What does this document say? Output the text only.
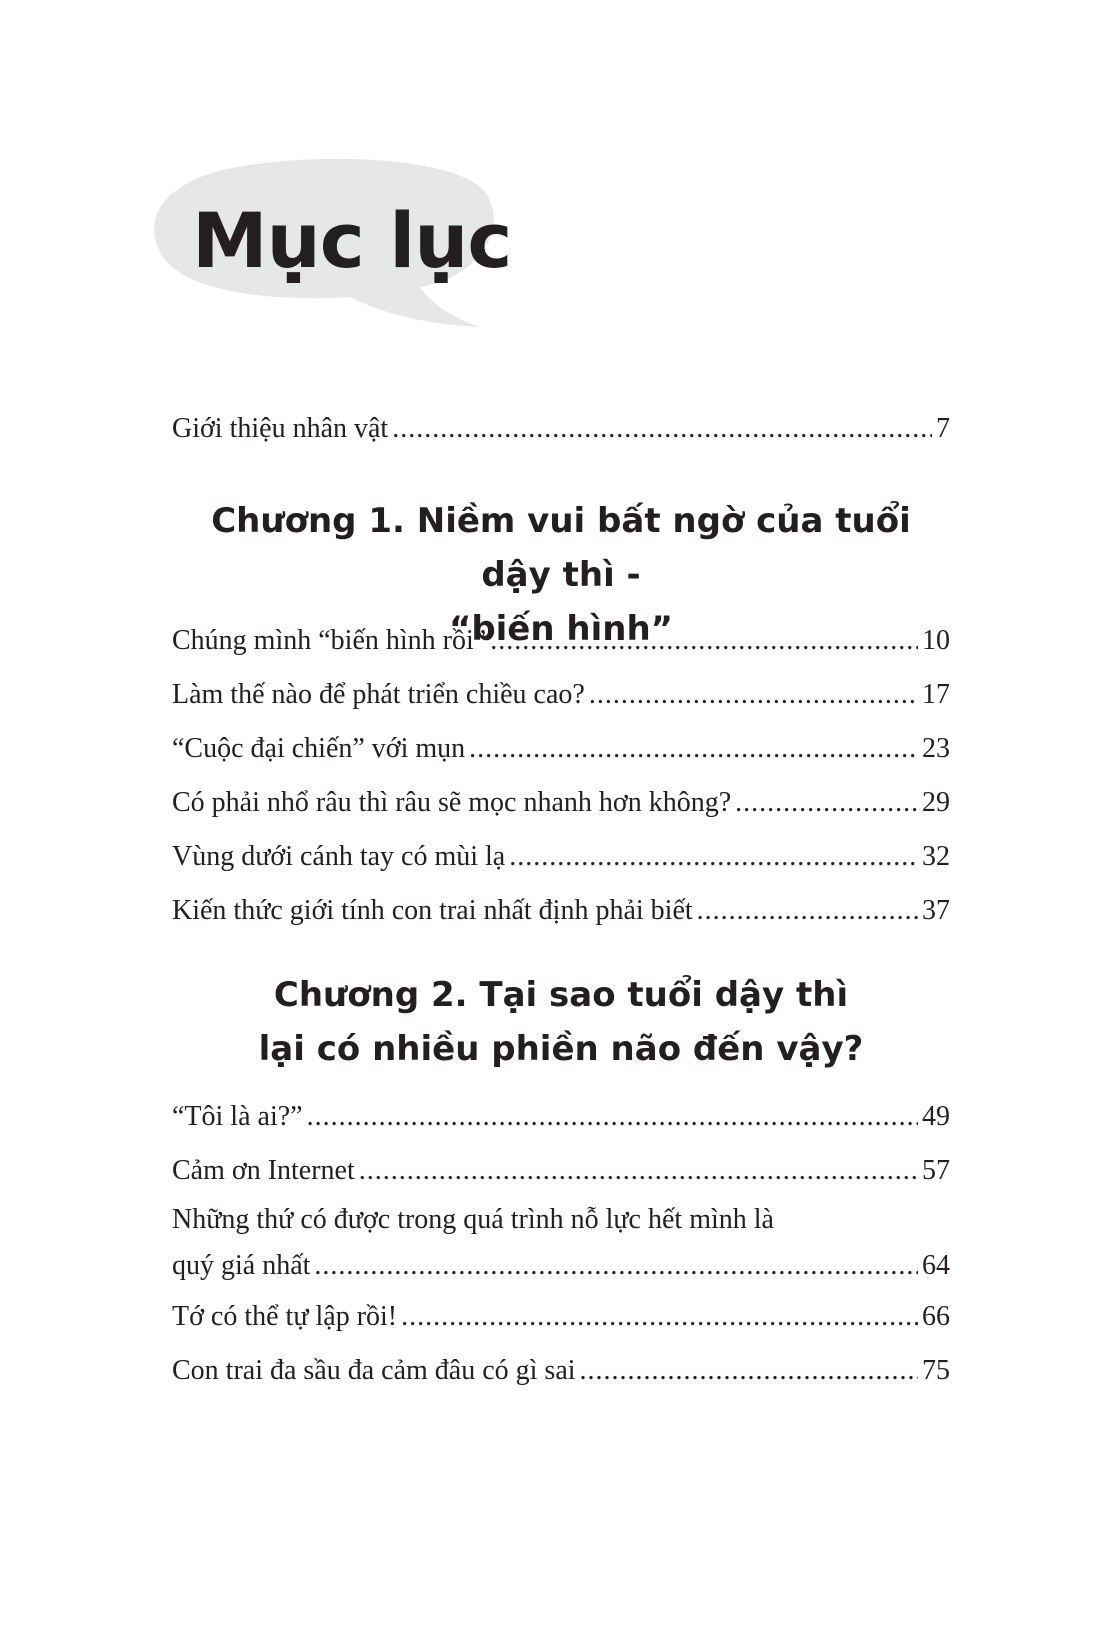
Mục lục
Giới thiệu nhân vật .....	7
Chương 1. Niềm vui bất ngờ của tuổi dậy thì -
“biến hình”
Chúng mình “biến hình rồi” .....	10
Làm thế nào để phát triển chiều cao? .....	17
“Cuộc đại chiến” với mụn .....	23
Có phải nhổ râu thì râu sẽ mọc nhanh hơn không? .....	29
Vùng dưới cánh tay có mùi lạ .....	32
Kiến thức giới tính con trai nhất định phải biết .....	37
Chương 2. Tại sao tuổi dậy thì
lại có nhiều phiền não đến vậy?
“Tôi là ai?” .....	49
Cảm ơn Internet .....	57
Những thứ có được trong quá trình nỗ lực hết mình là
quý giá nhất .....	64
Tớ có thể tự lập rồi! .....	66
Con trai đa sầu đa cảm đâu có gì sai .....	75
